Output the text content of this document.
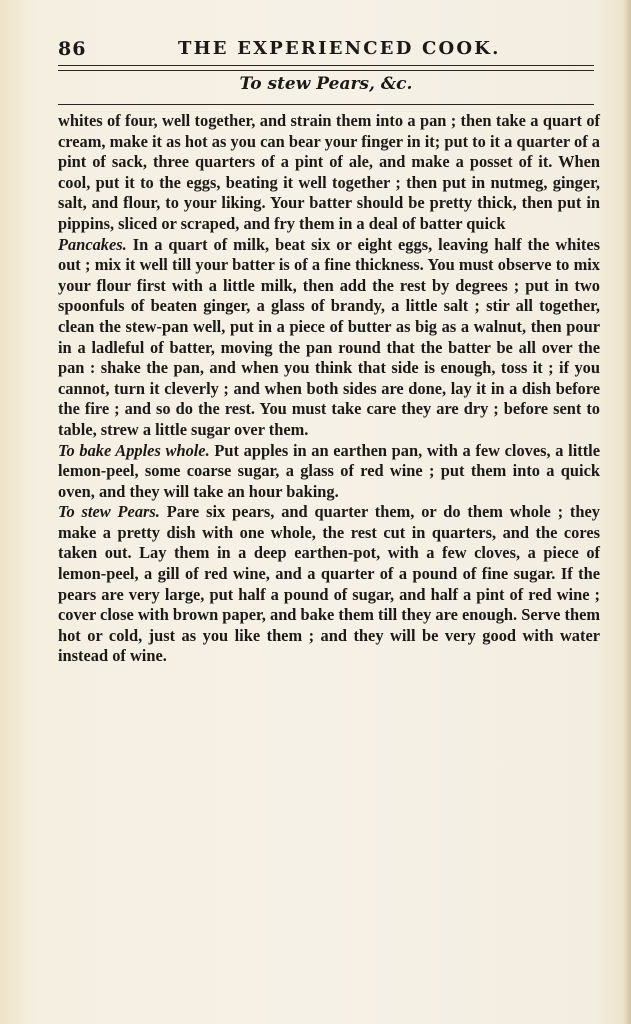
86	THE EXPERIENCED COOK.
To stew Pears, &c.

whites of four, well together, and strain them into a pan ; then take a quart of cream, make it as hot as you can bear your finger in it; put to it a quarter of a pint of sack, three quarters of a pint of ale, and make a posset of it. When cool, put it to the eggs, beating it well together ; then put in nutmeg, ginger, salt, and flour, to your liking. Your batter should be pretty thick, then put in pippins, sliced or scraped, and fry them in a deal of batter quick

Pancakes. In a quart of milk, beat six or eight eggs, leaving half the whites out ; mix it well till your batter is of a fine thickness. You must observe to mix your flour first with a little milk, then add the rest by degrees ; put in two spoonfuls of beaten ginger, a glass of brandy, a little salt ; stir all together, clean the stew-pan well, put in a piece of butter as big as a walnut, then pour in a ladleful of batter, moving the pan round that the batter be all over the pan : shake the pan, and when you think that side is enough, toss it ; if you cannot, turn it cleverly ; and when both sides are done, lay it in a dish before the fire ; and so do the rest. You must take care they are dry ; before sent to table, strew a little sugar over them.

To bake Apples whole. Put apples in an earthen pan, with a few cloves, a little lemon-peel, some coarse sugar, a glass of red wine ; put them into a quick oven, and they will take an hour baking.

To stew Pears. Pare six pears, and quarter them, or do them whole ; they make a pretty dish with one whole, the rest cut in quarters, and the cores taken out. Lay them in a deep earthen-pot, with a few cloves, a piece of lemon-peel, a gill of red wine, and a quarter of a pound of fine sugar. If the pears are very large, put half a pound of sugar, and half a pint of red wine ; cover close with brown paper, and bake them till they are enough. Serve them hot or cold, just as you like them ; and they will be very good with water instead of wine.
